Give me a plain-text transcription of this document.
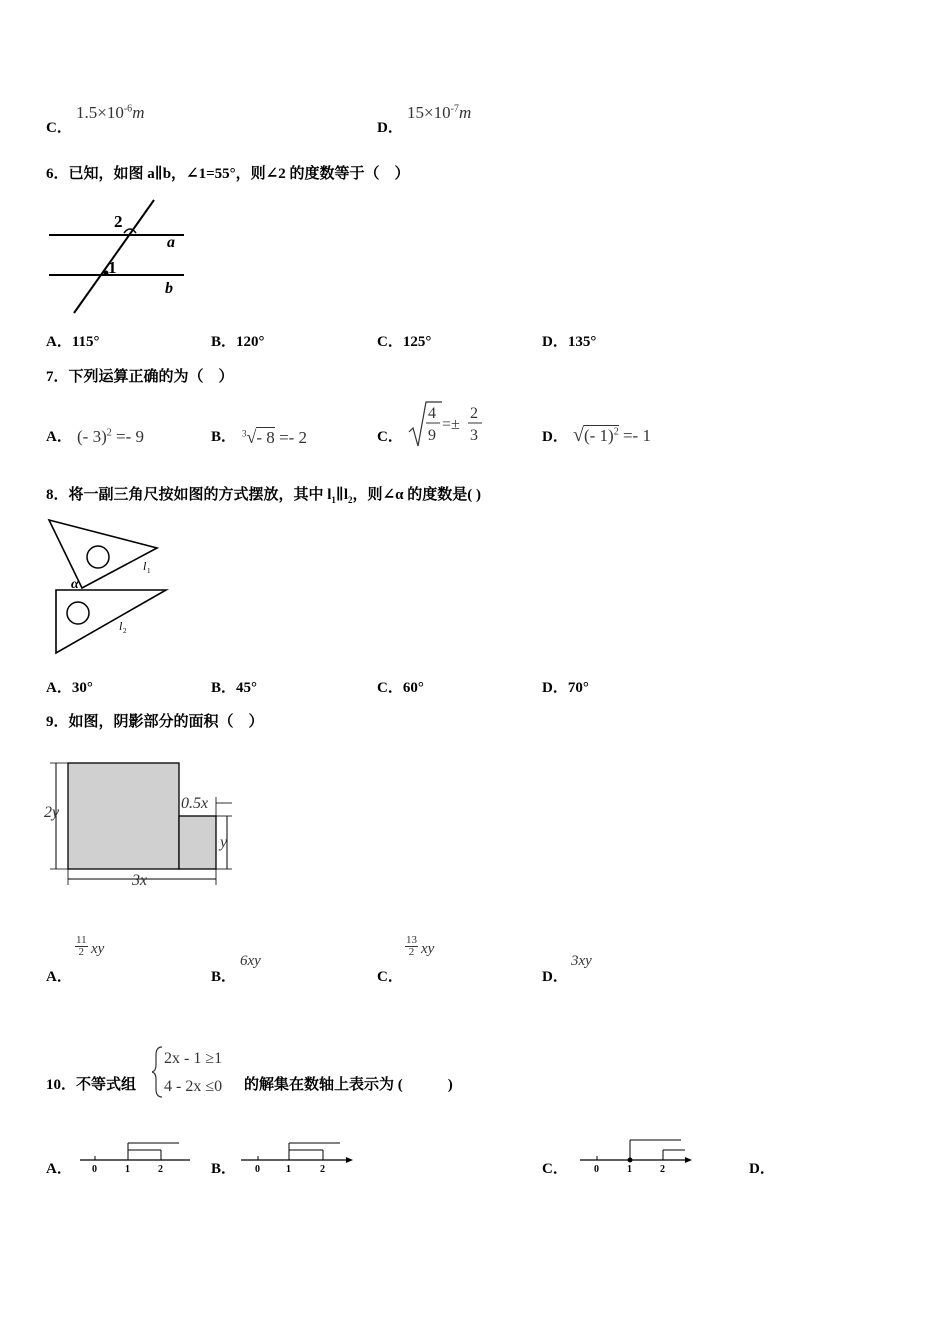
C．
$1.5\times 10^{-6}m$
D．
$15\times 10^{-7}m$
6．已知，如图 a∥b，∠1=55°，则∠2 的度数等于（　）
2
1
a
b
A．115°	B．120°	C．125°	D．135°
7．下列运算正确的为（　）
A． (- 3)$^2$ =- 9	B． $^3$√- 8 =- 2	C．
4
9
=±
2
3	D． √(- 1)$^2$ =- 1
8．将一副三角尺按如图的方式摆放，其中 $l_1\parallel l_2$，则∠α 的度数是( )
α
l 1
l 2
A．30°	B．45°	C．60°	D．70°
9．如图，阴影部分的面积（　）
2y
0.5x
y
3x
A．
11
2 xy
B．
6xy
C．
13
2 xy
D．
3xy
10．不等式组
2x - 1 ≥1
4 - 2x ≤0 的解集在数轴上表示为 (　　　)
A． 0	1	2	B． 0	1	2	C．	0	1	2	D．
